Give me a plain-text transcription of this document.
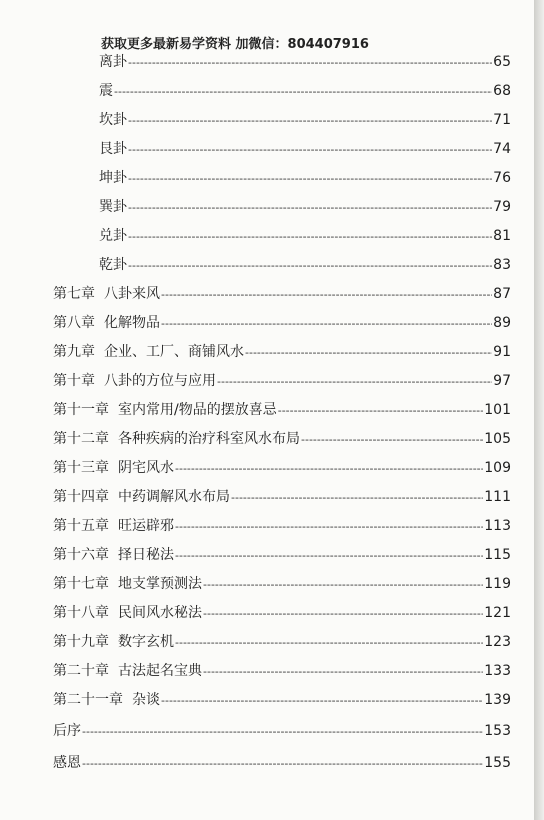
获取更多最新易学资料 加微信：804407916
离卦 -----	65
震 -----	68
坎卦 -----	71
艮卦 -----	74
坤卦 -----	76
巽卦 -----	79
兑卦 -----	81
乾卦 -----	83
第七章 八卦来风 -----	87
第八章 化解物品 -----	89
第九章 企业、工厂、商铺风水 -----	91
第十章 八卦的方位与应用 -----	97
第十一章 室内常用/物品的摆放喜忌 -----	101
第十二章 各种疾病的治疗科室风水布局 -----	105
第十三章 阴宅风水 -----	109
第十四章 中药调解风水布局 -----	111
第十五章 旺运辟邪 -----	113
第十六章 择日秘法 -----	115
第十七章 地支掌预测法 -----	119
第十八章 民间风水秘法 -----	121
第十九章 数字玄机 -----	123
第二十章 古法起名宝典 -----	133
第二十一章 杂谈 -----	139
后序 -----	153
感恩 -----	155
